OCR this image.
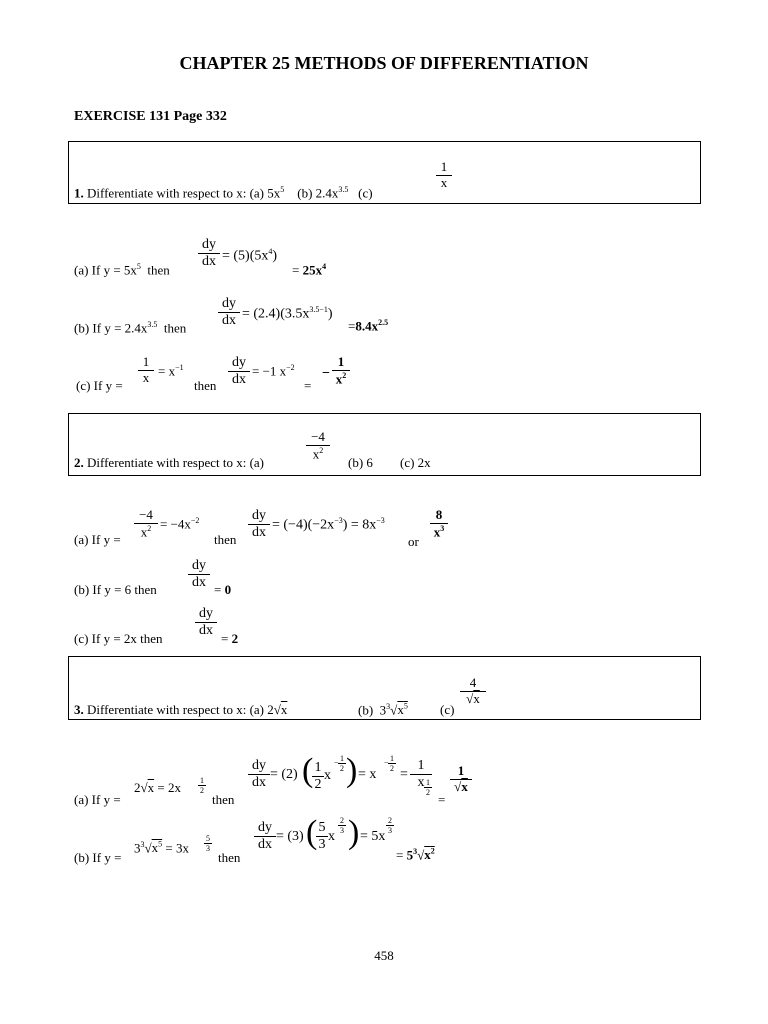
CHAPTER 25 METHODS OF DIFFERENTIATION
EXERCISE 131 Page 332
1. Differentiate with respect to x: (a) $5x^5$ (b) $2.4x^{3.5}$ (c)
$\frac{1}{x}$
(a) If $y = 5x^5$ then $\frac{dy}{dx} = (5)(5x^4)$
= $25x^4$
(b) If $y = 2.4x^{3.5}$ then $\frac{dy}{dx} = (2.4)(3.5x^{3.5-1})$
$=8.4x^{2.5}$
(c) If $y = \frac{1}{x} = x^{-1}$
then $\frac{dy}{dx} = -1$ $x^{-2}$
=
− $\frac{1}{x^2}$
2. Differentiate with respect to x: (a)
$\frac{-4}{x^2}$
(b) 6 (c) 2x
(a) If $y = \frac{-4}{x^2} = -4x^{-2}$
then $\frac{dy}{dx} = (-4)(-2x^{-3}) = 8x^{-3}$
or
$\frac{8}{x^3}$
(b) If y = 6 then $\frac{dy}{dx} = 0$
(c) If y = 2x then $\frac{dy}{dx} = 2$
3. Differentiate with respect to x: (a) 2√x	(b) $3^3√x^5$ (c)
$\frac{4}{√x}$
(a) If y =
$2√x = 2x \frac{1}{2}$
then
$\frac{dy}{dx} = (2)$ (
$\frac{1}{2}$ x
− $\frac{1}{2}$ ) = x
− $\frac{1}{2}$
= $\frac{1}{x}$
$\frac{1}{2}$
=
$\frac{1}{√x}$
(b) If y =
$3^3√x^5 = 3x \frac{5}{3}$
then
$\frac{dy}{dx} = (3)$ (
$\frac{5}{3}$ x
$\frac{2}{3}$ ) = 5x
$\frac{2}{3}$
= $5^3√x^2$
458
